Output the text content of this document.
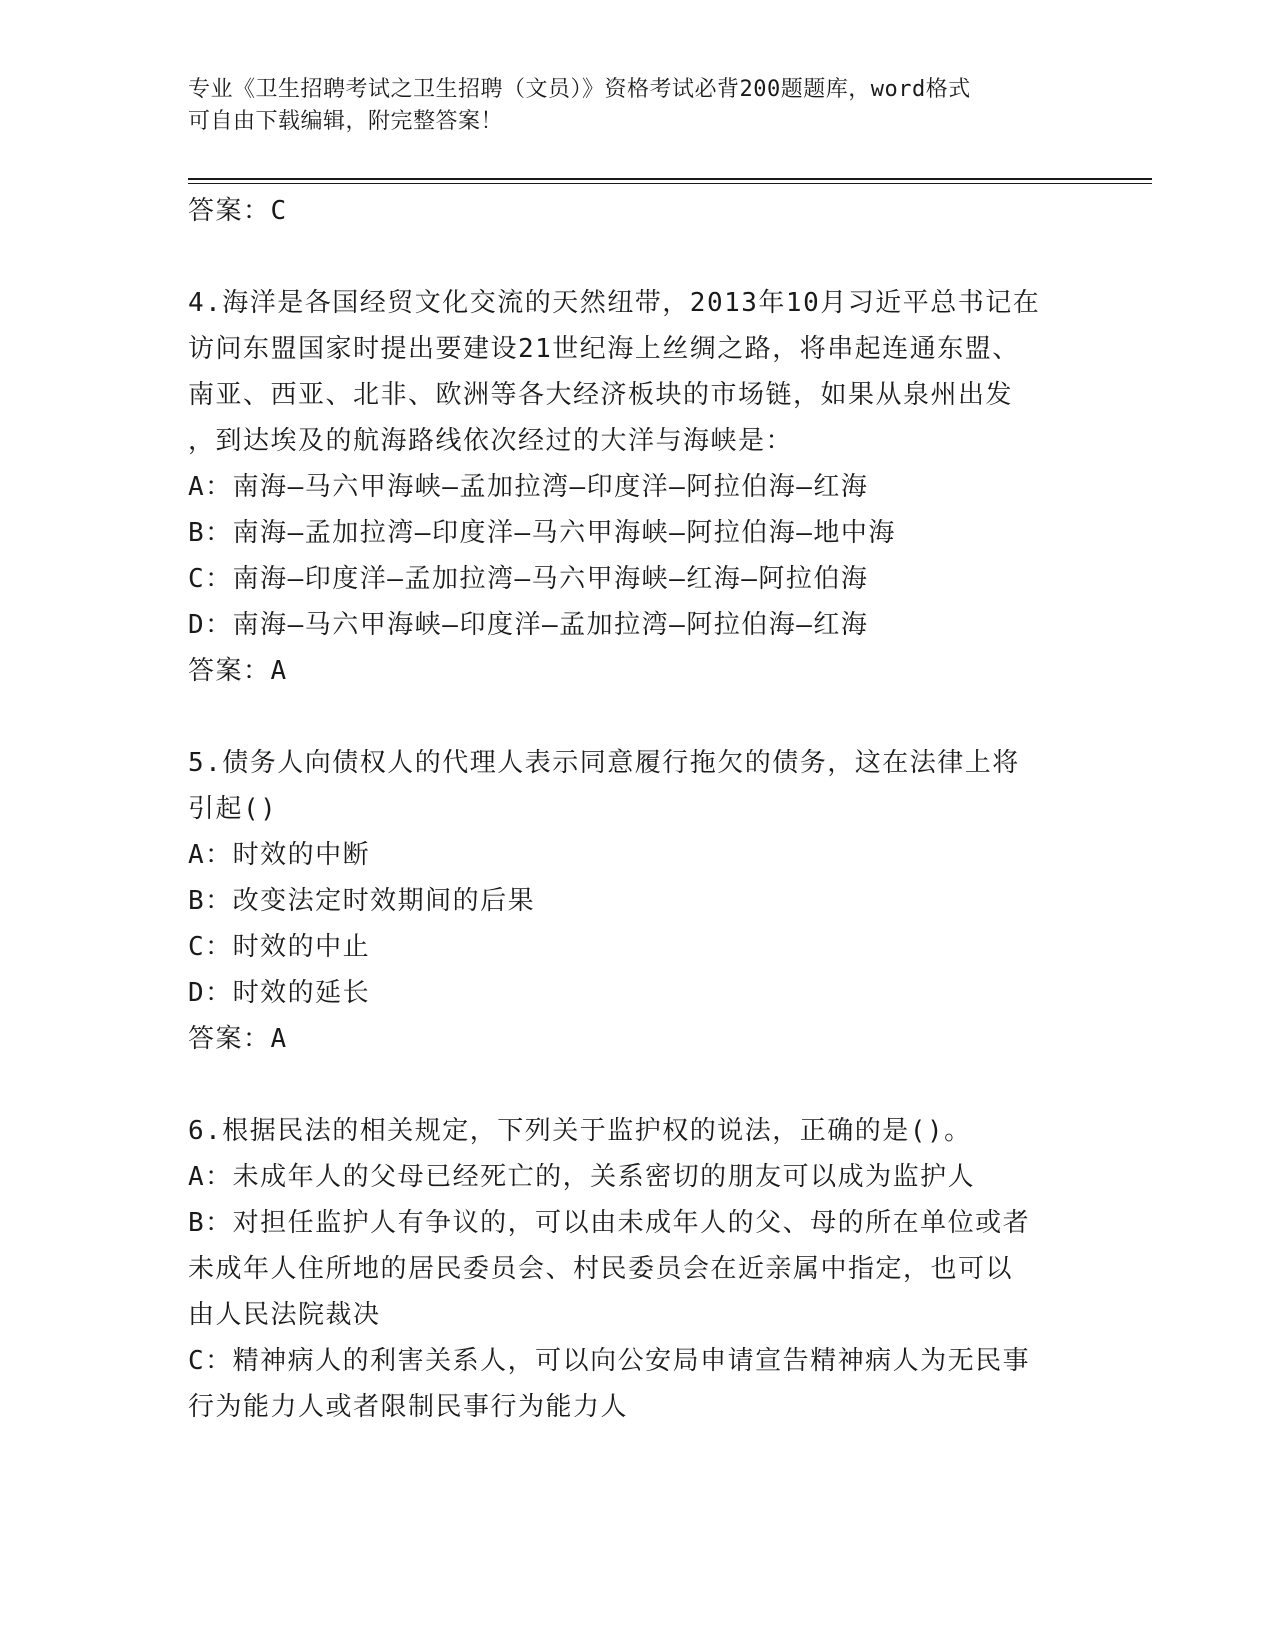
专业《卫生招聘考试之卫生招聘（文员）》资格考试必背200题题库，word格式
可自由下载编辑，附完整答案！

答案：C

4.海洋是各国经贸文化交流的天然纽带，2013年10月习近平总书记在

访问东盟国家时提出要建设21世纪海上丝绸之路，将串起连通东盟、

南亚、西亚、北非、欧洲等各大经济板块的市场链，如果从泉州出发

，到达埃及的航海路线依次经过的大洋与海峡是：

A：南海—马六甲海峡—孟加拉湾—印度洋—阿拉伯海—红海

B：南海—孟加拉湾—印度洋—马六甲海峡—阿拉伯海—地中海

C：南海—印度洋—孟加拉湾—马六甲海峡—红海—阿拉伯海

D：南海—马六甲海峡—印度洋—孟加拉湾—阿拉伯海—红海

答案：A

5.债务人向债权人的代理人表示同意履行拖欠的债务，这在法律上将

引起()

A：时效的中断

B：改变法定时效期间的后果

C：时效的中止

D：时效的延长

答案：A

6.根据民法的相关规定，下列关于监护权的说法，正确的是()。

A：未成年人的父母已经死亡的，关系密切的朋友可以成为监护人

B：对担任监护人有争议的，可以由未成年人的父、母的所在单位或者

未成年人住所地的居民委员会、村民委员会在近亲属中指定，也可以

由人民法院裁决

C：精神病人的利害关系人，可以向公安局申请宣告精神病人为无民事

行为能力人或者限制民事行为能力人
